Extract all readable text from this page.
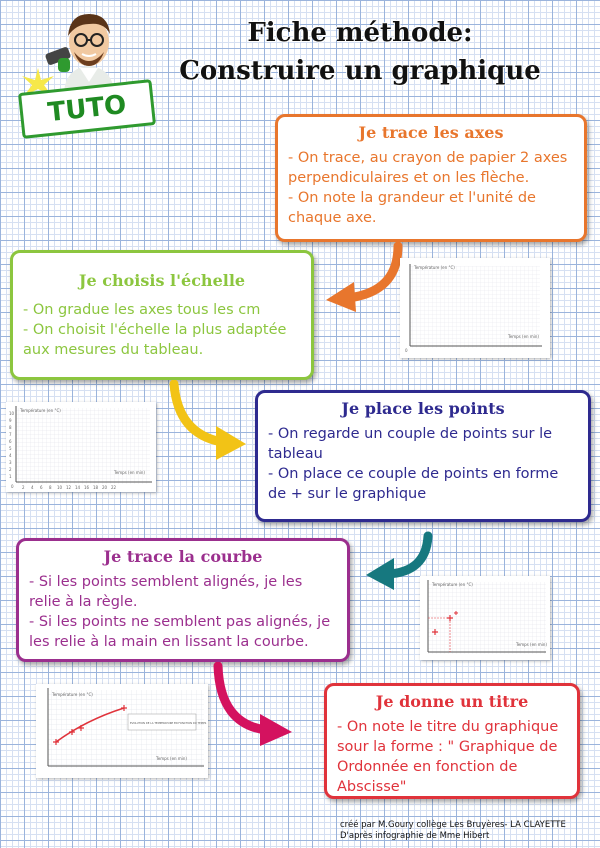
TUTO
Fiche méthode:
Construire un graphique
Je trace les axes

- On trace, au crayon de papier 2 axes perpendiculaires et on les flèche.

- On note la grandeur et l'unité de chaque axe.

Je choisis l'échelle

- On gradue les axes tous les cm

- On choisit l'échelle la plus adaptée aux mesures du tableau.

Je place les points

- On regarde un couple de points sur le tableau

- On place ce couple de points en forme de + sur le graphique

Je trace la courbe

- Si les points semblent alignés, je les relie à la règle.

- Si les points ne semblent pas alignés, je les relie à la main en lissant la courbe.

Je donne un titre

- On note le titre du graphique sour la forme : " Graphique de Ordonnée en fonction de Abscisse"

Température (en °C)
Temps (en min)
0
Température (en °C)
Temps (en min)
0
10
9
8
7
6
5
4
3
2
1
2 4 6 8 10 12 14 16 18 20 22
Température (en °C)
Temps (en min)
EVOLUTION DE LA TEMPERATURE EN FONCTION DU TEMPS
Température (en °C)
Temps (en min)
créé par M.Goury collège Les Bruyères- LA CLAYETTE
D'après infographie de Mme Hibert
